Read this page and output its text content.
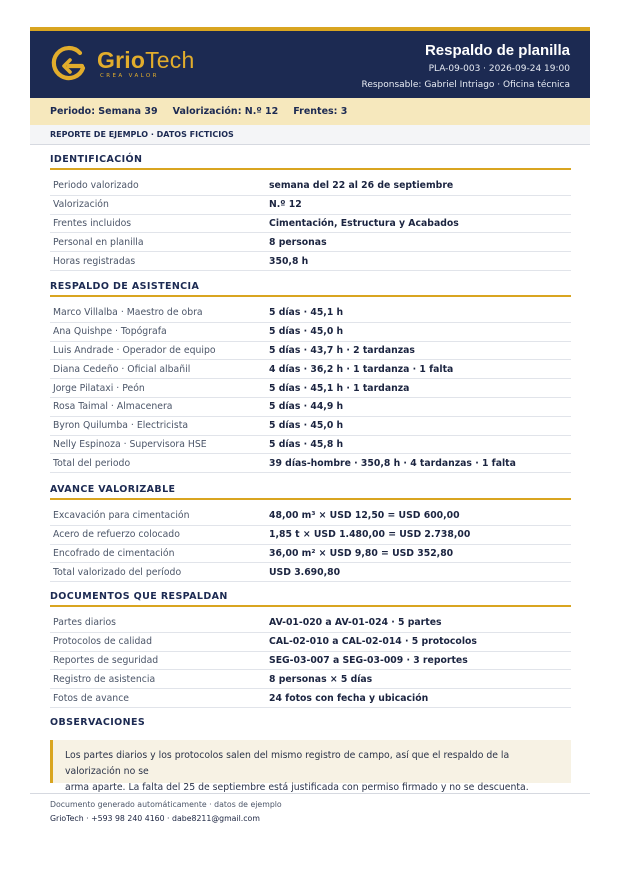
GrioTech
CREA VALOR
Respaldo de planilla
PLA-09-003 · 2026-09-24 19:00
Responsable: Gabriel Intriago · Oficina técnica
Periodo: Semana 39 Valorización: N.º 12 Frentes: 3
REPORTE DE EJEMPLO · DATOS FICTICIOS
IDENTIFICACIÓN
Periodo valorizado	semana del 22 al 26 de septiembre
Valorización	N.º 12
Frentes incluidos	Cimentación, Estructura y Acabados
Personal en planilla	8 personas
Horas registradas	350,8 h
RESPALDO DE ASISTENCIA
Marco Villalba · Maestro de obra	5 días · 45,1 h
Ana Quishpe · Topógrafa	5 días · 45,0 h
Luis Andrade · Operador de equipo	5 días · 43,7 h · 2 tardanzas
Diana Cedeño · Oficial albañil	4 días · 36,2 h · 1 tardanza · 1 falta
Jorge Pilataxi · Peón	5 días · 45,1 h · 1 tardanza
Rosa Taimal · Almacenera	5 días · 44,9 h
Byron Quilumba · Electricista	5 días · 45,0 h
Nelly Espinoza · Supervisora HSE	5 días · 45,8 h
Total del periodo	39 días-hombre · 350,8 h · 4 tardanzas · 1 falta
AVANCE VALORIZABLE
Excavación para cimentación	48,00 m³ × USD 12,50 = USD 600,00
Acero de refuerzo colocado	1,85 t × USD 1.480,00 = USD 2.738,00
Encofrado de cimentación	36,00 m² × USD 9,80 = USD 352,80
Total valorizado del período	USD 3.690,80
DOCUMENTOS QUE RESPALDAN
Partes diarios	AV-01-020 a AV-01-024 · 5 partes
Protocolos de calidad	CAL-02-010 a CAL-02-014 · 5 protocolos
Reportes de seguridad	SEG-03-007 a SEG-03-009 · 3 reportes
Registro de asistencia	8 personas × 5 días
Fotos de avance	24 fotos con fecha y ubicación
OBSERVACIONES
Los partes diarios y los protocolos salen del mismo registro de campo, así que el respaldo de la valorización no se
arma aparte. La falta del 25 de septiembre está justificada con permiso firmado y no se descuenta.
Documento generado automáticamente · datos de ejemplo
GrioTech · +593 98 240 4160 · dabe8211@gmail.com
